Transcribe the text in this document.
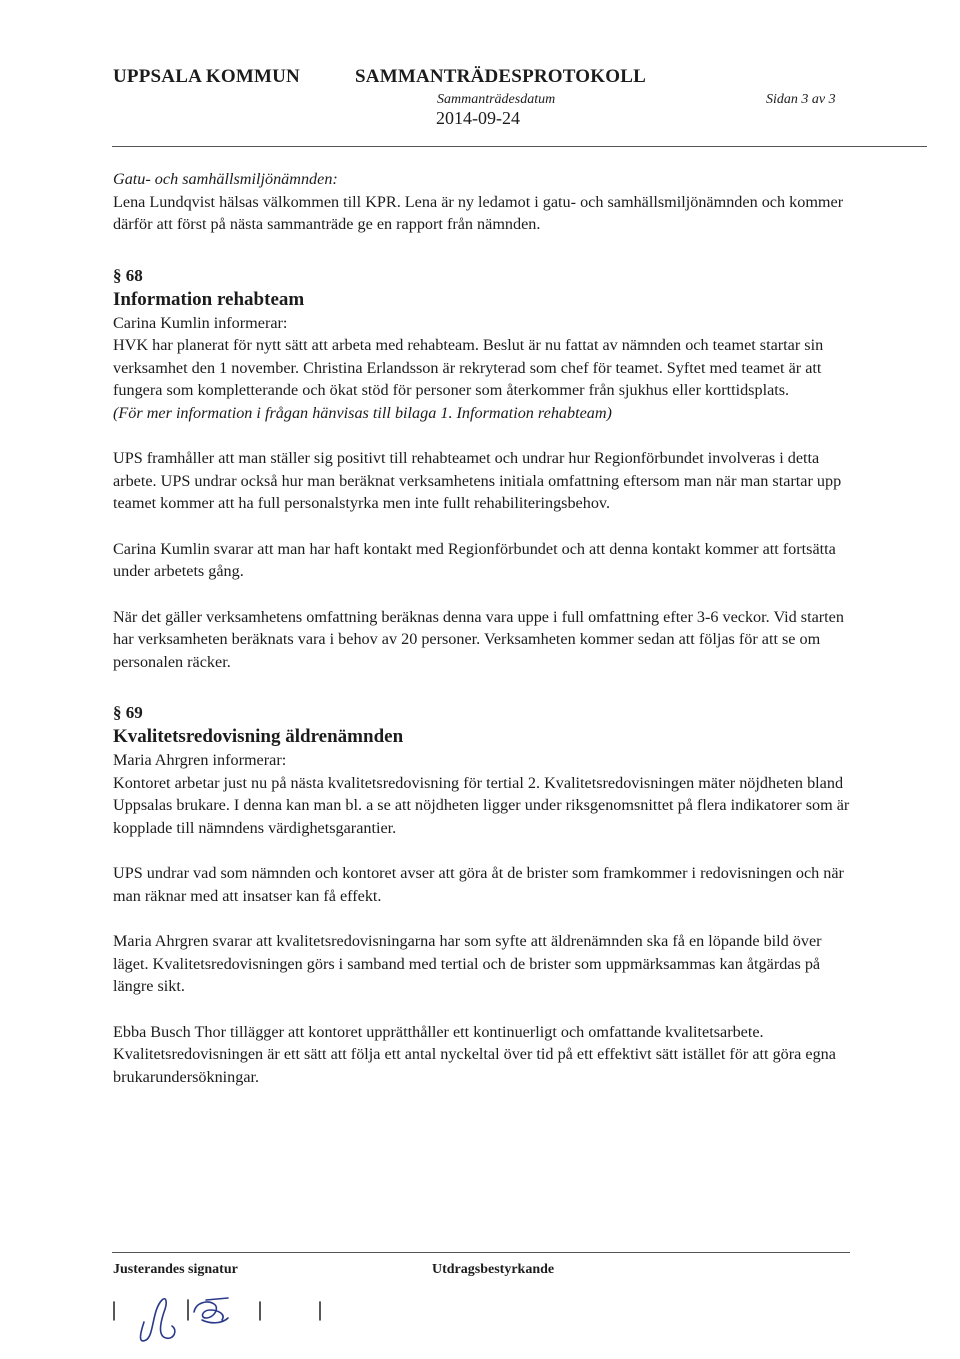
UPPSALA KOMMUN	SAMMANTRÄDESPROTOKOLL
Sammanträdesdatum	Sidan 3 av 3
2014-09-24

Gatu- och samhällsmiljönämnden:

Lena Lundqvist hälsas välkommen till KPR. Lena är ny ledamot i gatu- och samhällsmiljönämnden och kommer därför att först på nästa sammanträde ge en rapport från nämnden.

§ 68

Information rehabteam

Carina Kumlin informerar:

HVK har planerat för nytt sätt att arbeta med rehabteam. Beslut är nu fattat av nämnden och teamet startar sin verksamhet den 1 november. Christina Erlandsson är rekryterad som chef för teamet. Syftet med teamet är att fungera som kompletterande och ökat stöd för personer som återkommer från sjukhus eller korttidsplats.

(För mer information i frågan hänvisas till bilaga 1. Information rehabteam)

UPS framhåller att man ställer sig positivt till rehabteamet och undrar hur Regionförbundet involveras i detta arbete. UPS undrar också hur man beräknat verksamhetens initiala omfattning eftersom man när man startar upp teamet kommer att ha full personalstyrka men inte fullt rehabiliteringsbehov.

Carina Kumlin svarar att man har haft kontakt med Regionförbundet och att denna kontakt kommer att fortsätta under arbetets gång.

När det gäller verksamhetens omfattning beräknas denna vara uppe i full omfattning efter 3-6 veckor. Vid starten har verksamheten beräknats vara i behov av 20 personer. Verksamheten kommer sedan att följas för att se om personalen räcker.

§ 69

Kvalitetsredovisning äldrenämnden

Maria Ahrgren informerar:

Kontoret arbetar just nu på nästa kvalitetsredovisning för tertial 2. Kvalitetsredovisningen mäter nöjdheten bland Uppsalas brukare. I denna kan man bl. a se att nöjdheten ligger under riksgenomsnittet på flera indikatorer som är kopplade till nämndens värdighetsgarantier.

UPS undrar vad som nämnden och kontoret avser att göra åt de brister som framkommer i redovisningen och när man räknar med att insatser kan få effekt.

Maria Ahrgren svarar att kvalitetsredovisningarna har som syfte att äldrenämnden ska få en löpande bild över läget. Kvalitetsredovisningen görs i samband med tertial och de brister som uppmärksammas kan åtgärdas på längre sikt.

Ebba Busch Thor tillägger att kontoret upprätthåller ett kontinuerligt och omfattande kvalitetsarbete. Kvalitetsredovisningen är ett sätt att följa ett antal nyckeltal över tid på ett effektivt sätt istället för att göra egna brukarundersökningar.

Justerandes signatur	Utdragsbestyrkande
